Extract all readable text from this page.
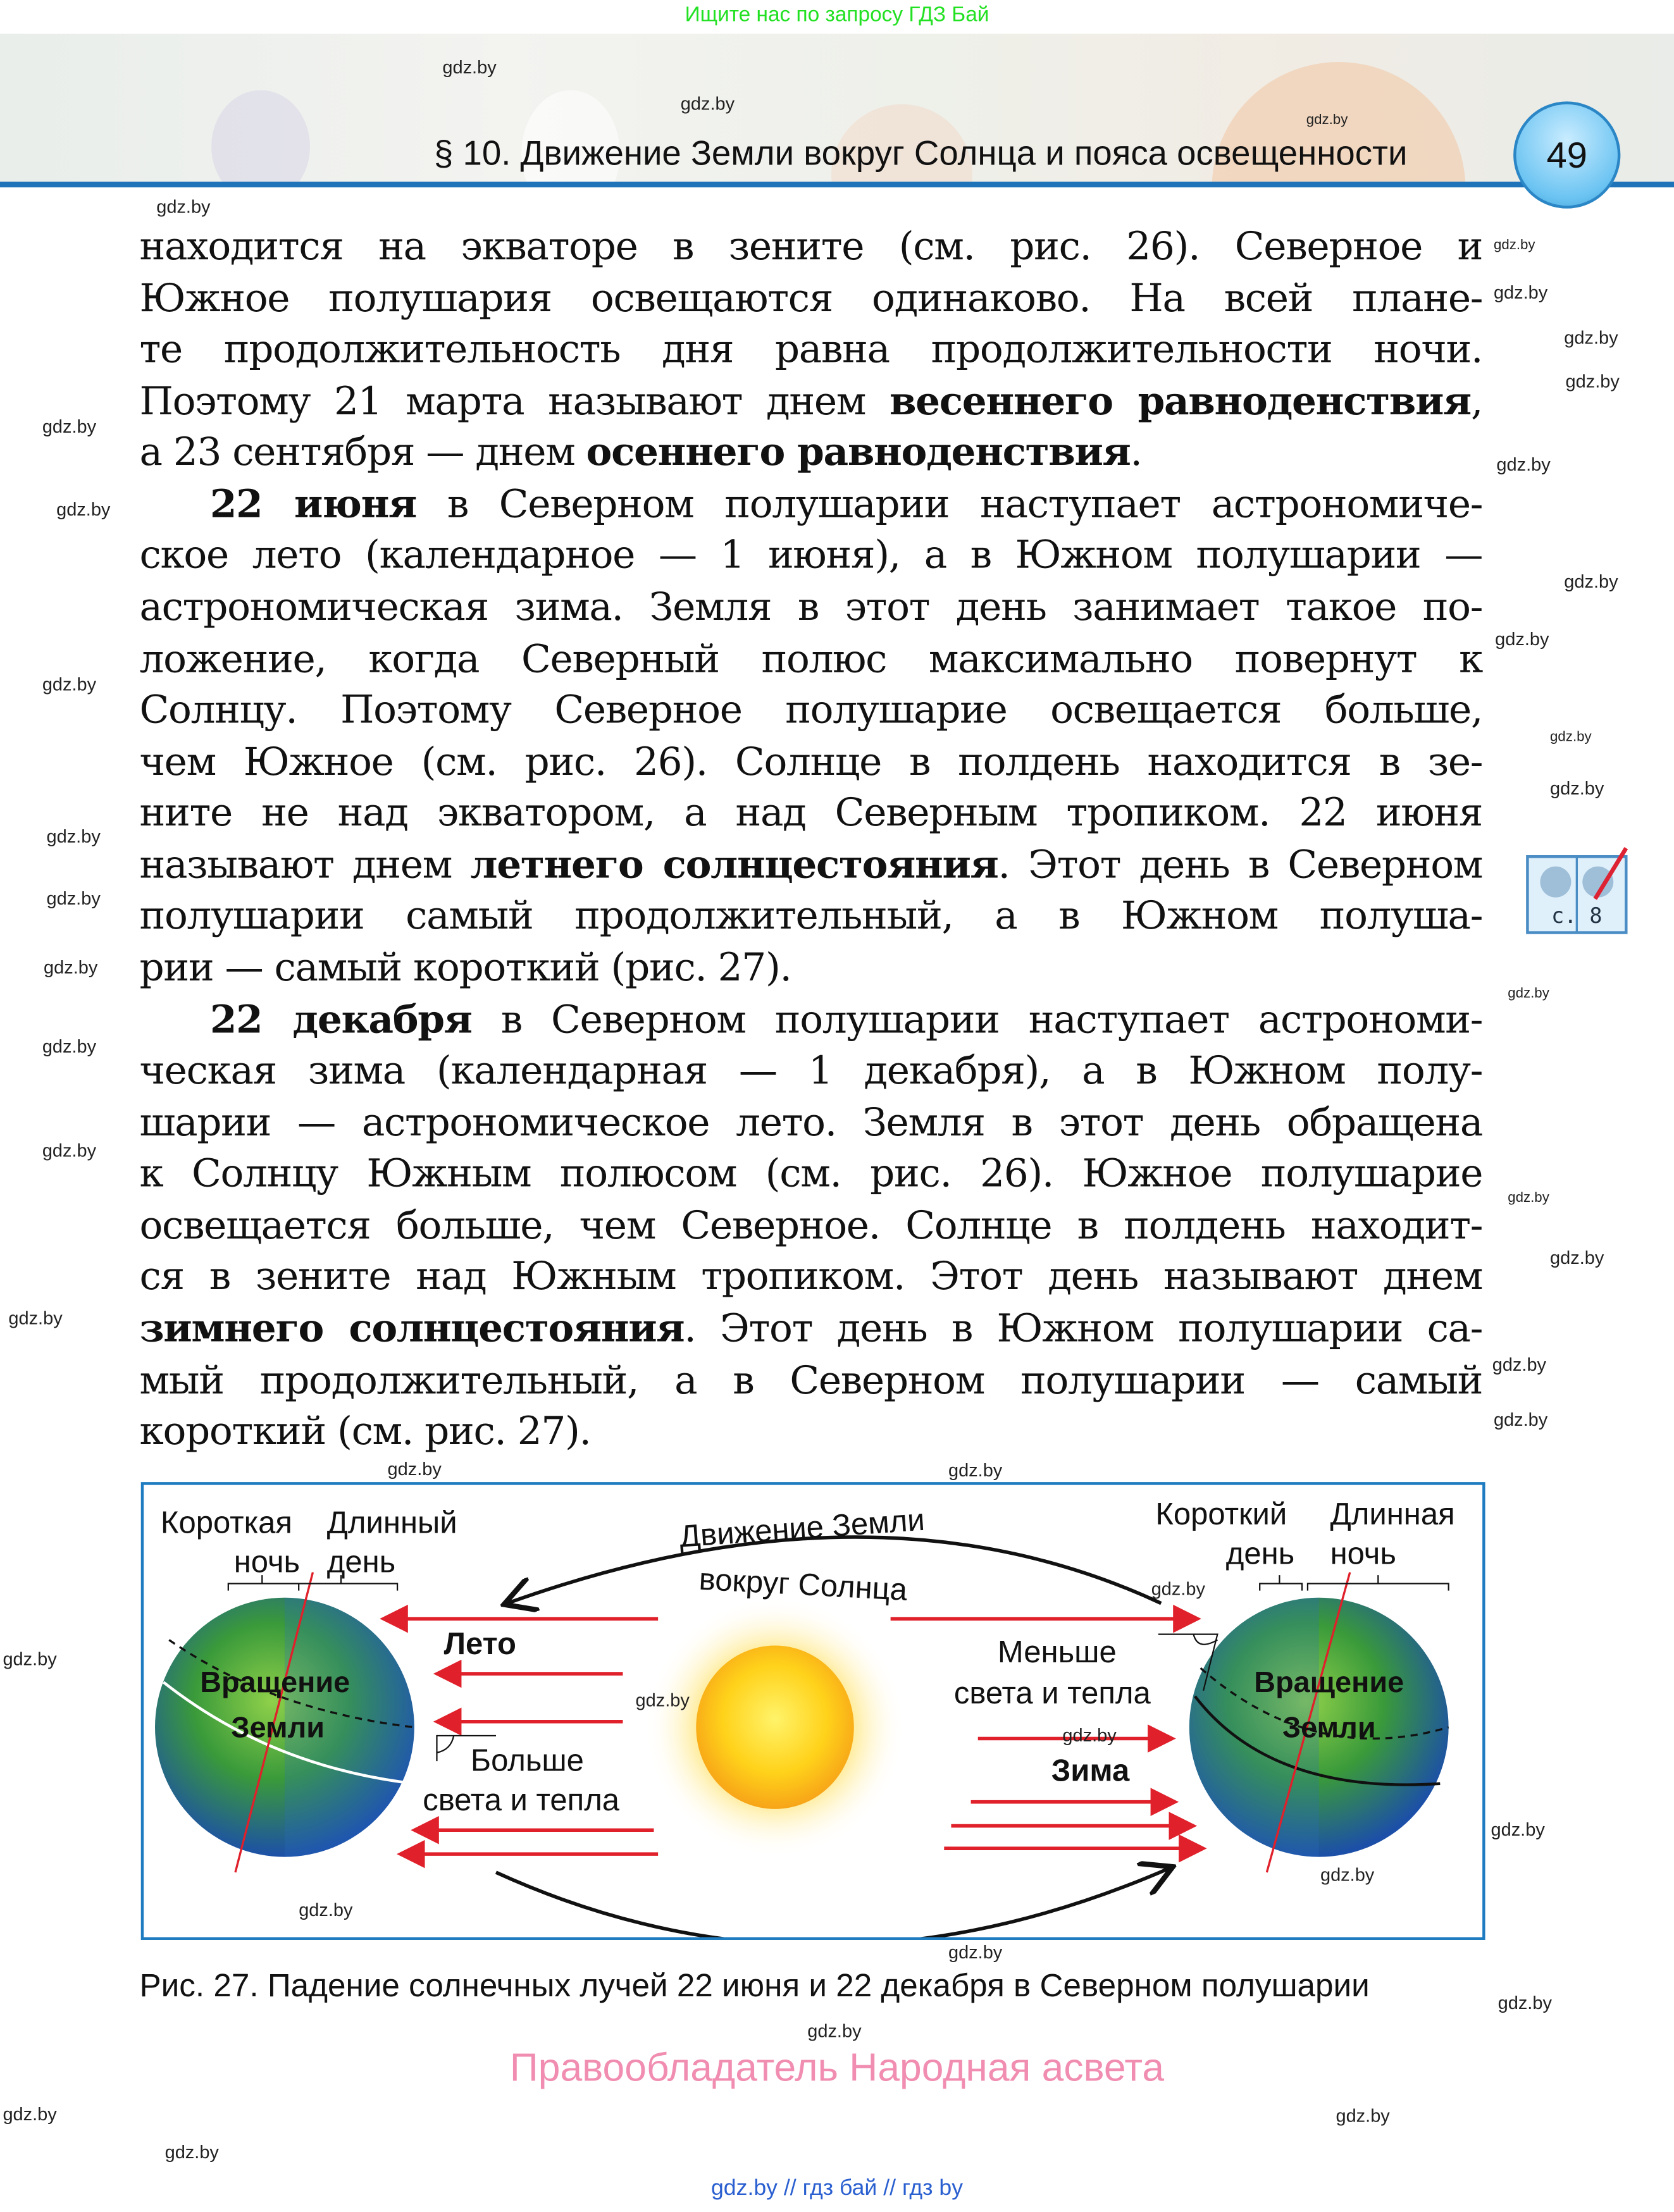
Ищите нас по запросу ГДЗ Бай
§ 10. Движение Земли вокруг Солнца и пояса освещенности	49
находится на экваторе в зените (см. рис. 26). Северное и
Южное полушария освещаются одинаково. На всей плане-
те продолжительность дня равна продолжительности ночи.
Поэтому 21 марта называют днем весеннего равноденствия,
а 23 сентября — днем осеннего равноденствия.
22 июня в Северном полушарии наступает астрономиче-
ское лето (календарное — 1 июня), а в Южном полушарии —
астрономическая зима. Земля в этот день занимает такое по-
ложение, когда Северный полюс максимально повернут к
Солнцу. Поэтому Северное полушарие освещается больше,
чем Южное (см. рис. 26). Солнце в полдень находится в зе-
ните не над экватором, а над Северным тропиком. 22 июня
называют днем летнего солнцестояния. Этот день в Северном
полушарии самый продолжительный, а в Южном полуша-
рии — самый короткий (рис. 27).
22 декабря в Северном полушарии наступает астрономи-
ческая зима (календарная — 1 декабря), а в Южном полу-
шарии — астрономическое лето. Земля в этот день обращена
к Солнцу Южным полюсом (см. рис. 26). Южное полушарие
освещается больше, чем Северное. Солнце в полдень находит-
ся в зените над Южным тропиком. Этот день называют днем
зимнего солнцестояния. Этот день в Южном полушарии са-
мый продолжительный, а в Северном полушарии — самый
короткий (см. рис. 27).
с. 8
Короткая Длинный
ночь день
Короткий	Длинная
день	ночь
Движение Земли
вокруг Солнца
Лето
Больше
света и тепла
Меньше
света и тепла
Зима
Вращение
Земли
Вращение
Земли
Рис. 27. Падение солнечных лучей 22 июня и 22 декабря в Северном полушарии
Правообладатель Народная асвета
gdz.by // гдз бай // гдз by
gdz.by
gdz.by
gdz.by
gdz.by
gdz.by
gdz.by
gdz.by
gdz.by
gdz.by
gdz.by
gdz.by
gdz.by
gdz.by
gdz.by
gdz.by
gdz.by
gdz.by
gdz.by
gdz.by
gdz.by
gdz.by
gdz.by
gdz.by
gdz.by
gdz.by
gdz.by
gdz.by
gdz.by	gdz.by
gdz.by
gdz.by
gdz.by
gdz.by
gdz.by
gdz.by
gdz.by
gdz.by
gdz.by
gdz.by
gdz.by
gdz.by
gdz.by
